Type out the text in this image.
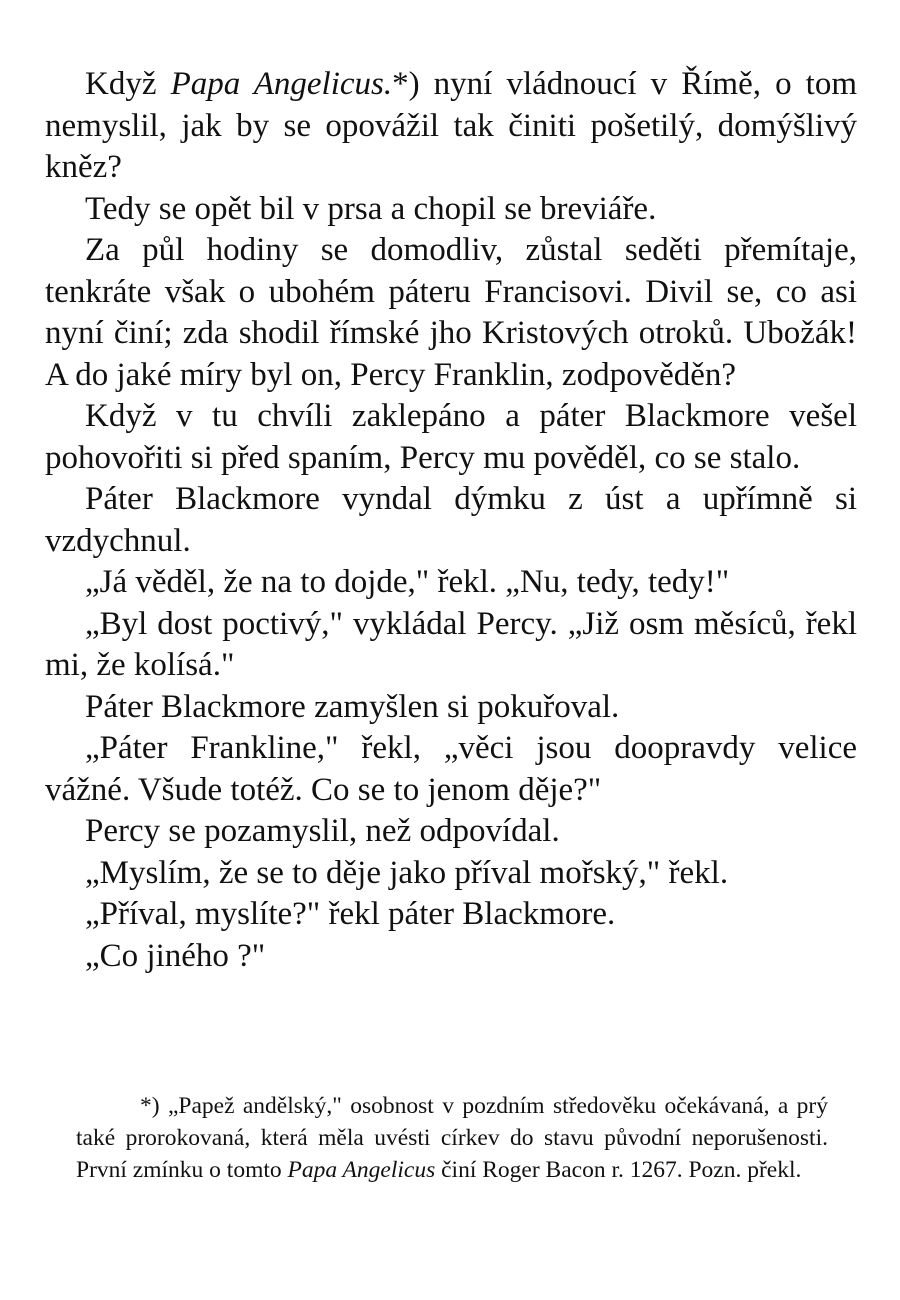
Když Papa Angelicus.*) nyní vládnoucí v Římě, o tom nemyslil, jak by se opovážil tak činiti pošetilý, domýšlivý kněz?

Tedy se opět bil v prsa a chopil se breviáře.

Za půl hodiny se domodliv, zůstal seděti přemítaje, tenkráte však o ubohém páteru Francisovi. Divil se, co asi nyní činí; zda shodil římské jho Kristových otroků. Ubožák! A do jaké míry byl on, Percy Franklin, zodpověděn?

Když v tu chvíli zaklepáno a páter Blackmore vešel pohovořiti si před spaním, Percy mu pověděl, co se stalo.

Páter Blackmore vyndal dýmku z úst a upřímně si vzdychnul.

„Já věděl, že na to dojde," řekl. „Nu, tedy, tedy!"

„Byl dost poctivý," vykládal Percy. „Již osm měsíců, řekl mi, že kolísá."

Páter Blackmore zamyšlen si pokuřoval.

„Páter Frankline," řekl, „věci jsou doopravdy velice vážné. Všude totéž. Co se to jenom děje?"

Percy se pozamyslil, než odpovídal.

„Myslím, že se to děje jako příval mořský," řekl.

„Příval, myslíte?" řekl páter Blackmore.

„Co jiného ?"

*) „Papež andělský," osobnost v pozdním středověku očekávaná, a prý také prorokovaná, která měla uvésti církev do stavu původní neporušenosti. První zmínku o tomto Papa Angelicus činí Roger Bacon r. 1267. Pozn. překl.
